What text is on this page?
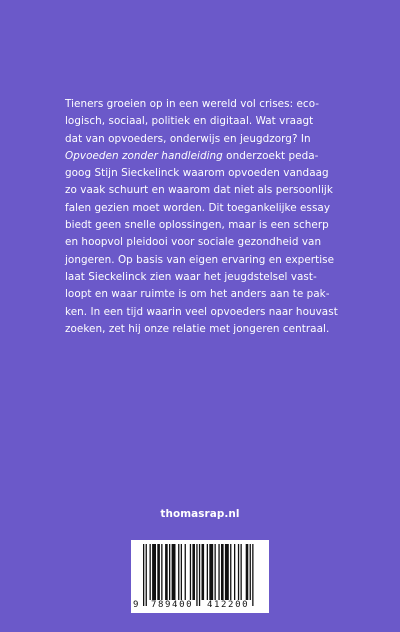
Tieners groeien op in een wereld vol crises: eco-

logisch, sociaal, politiek en digitaal. Wat vraagt

dat van opvoeders, onderwijs en jeugdzorg? In

Opvoeden zonder handleiding onderzoekt peda-

goog Stijn Sieckelinck waarom opvoeden vandaag

zo vaak schuurt en waarom dat niet als persoonlijk

falen gezien moet worden. Dit toegankelijke essay

biedt geen snelle oplossingen, maar is een scherp

en hoopvol pleidooi voor sociale gezondheid van

jongeren. Op basis van eigen ervaring en expertise

laat Sieckelinck zien waar het jeugdstelsel vast-

loopt en waar ruimte is om het anders aan te pak-

ken. In een tijd waarin veel opvoeders naar houvast

zoeken, zet hij onze relatie met jongeren centraal.

thomasrap.nl
9 789400 412200
